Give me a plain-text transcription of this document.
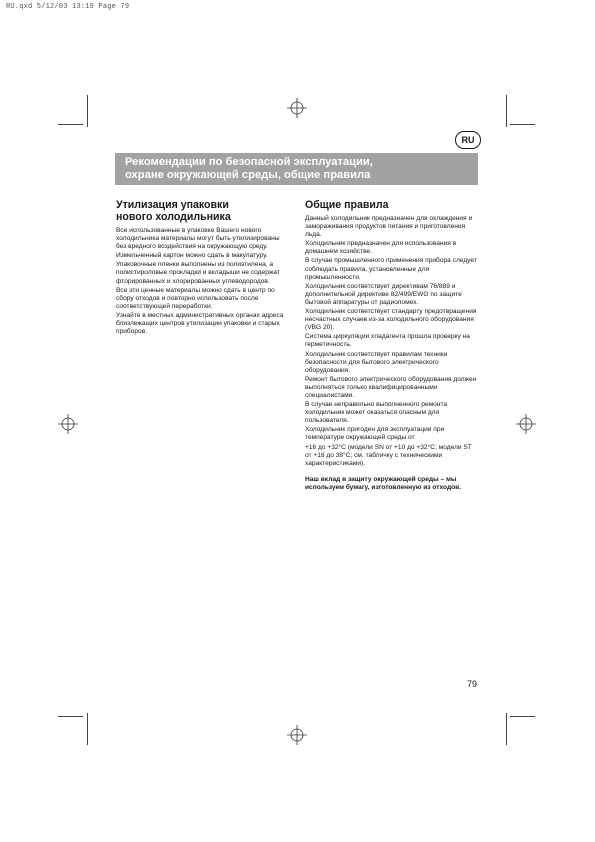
RU.qxd 5/12/03 13:19 Page 79
RU
Рекомендации по безопасной эксплуатации,
охране окружающей среды, общие правила
Утилизация упаковки
нового холодильника

Все использованные в упаковке Вашего нового холодильника материалы могут быть утилизированы без вредного воздействия на окружающую среду.

Измельченный картон можно сдать в макулатуру.

Упаковочные пленки выполнены из полиэтилена, а полистироловые прокладки и вкладыши не содержат фторированных и хлорированных углеводородов.

Все эти ценные материалы можно сдать в центр по сбору отходов и повторно использовать после соответствующей переработки.

Узнайте в местных административных органах адреса близлежащих центров утилизации упаковки и старых приборов.

Общие правила

Данный холодильник предназначен для охлаждения и замораживания продуктов питания и приготовления льда.

Холодильник предназначен для использования в домашнем хозяйстве.

В случае промышленного применения прибора следует соблюдать правила, установленные для промышленности.

Холодильник соответствует директивам 76/889 и дополнительной директиве 82/499/EWG по защите бытовой аппаратуры от радиопомех.

Холодильник соответствует стандарту предотвращения несчастных случаев из-за холодильного оборудования (VBG 20).

Система циркуляции хладагента прошла проверку на герметичность.

Холодильник соответствует правилам техники безопасности для бытового электрического оборудования.

Ремонт бытового электрического оборудования должен выполняться только квалифицированными специалистами.

В случае неправильно выполненного ремонта холодильник может оказаться опасным для пользователя.

Холодильник пригоден для эксплуатации при температуре окружающей среды от

+16 до +32°C (модели SN от +10 до +32°C; модели ST от +18 до 38°C; см. табличку с техническими характеристиками).

Наш вклад в защиту окружающей среды – мы используем бумагу, изготовленную из отходов.

79
